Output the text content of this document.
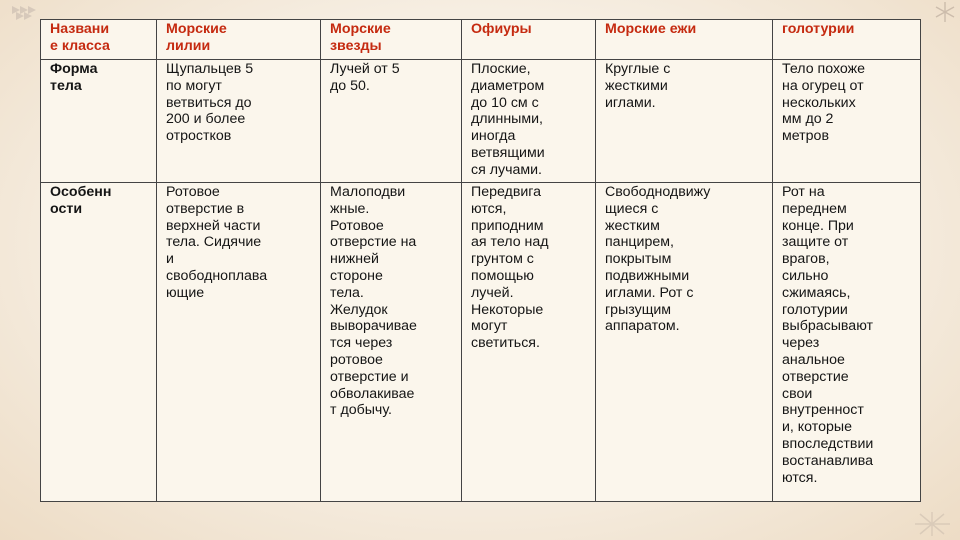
Названи
е класса
Морские
лилии
Морские
звезды
Офиуры	Морские ежи	голотурии
Форма
тела
Щупальцев 5
по могут
ветвиться до
200 и более
отростков
Лучей от 5
до 50.
Плоские,
диаметром
до 10 см с
длинными,
иногда
ветвящими
ся лучами.
Круглые с
жесткими
иглами.
Тело похоже
на огурец от
нескольких
мм до 2
метров
Особенн
ости
Ротовое
отверстие в
верхней части
тела. Сидячие
и
свободноплава
ющие
Малоподви
жные.
Ротовое
отверстие на
нижней
стороне
тела.
Желудок
выворачивае
тся через
ротовое
отверстие и
обволакивае
т добычу.
Передвига
ются,
приподним
ая тело над
грунтом с
помощью
лучей.
Некоторые
могут
светиться.
Свободнодвижу
щиеся с
жестким
панцирем,
покрытым
подвижными
иглами. Рот с
грызущим
аппаратом.
Рот на
переднем
конце. При
защите от
врагов,
сильно
сжимаясь,
голотурии
выбрасывают
через
анальное
отверстие
свои
внутренност
и, которые
впоследствии
востанавлива
ются.
